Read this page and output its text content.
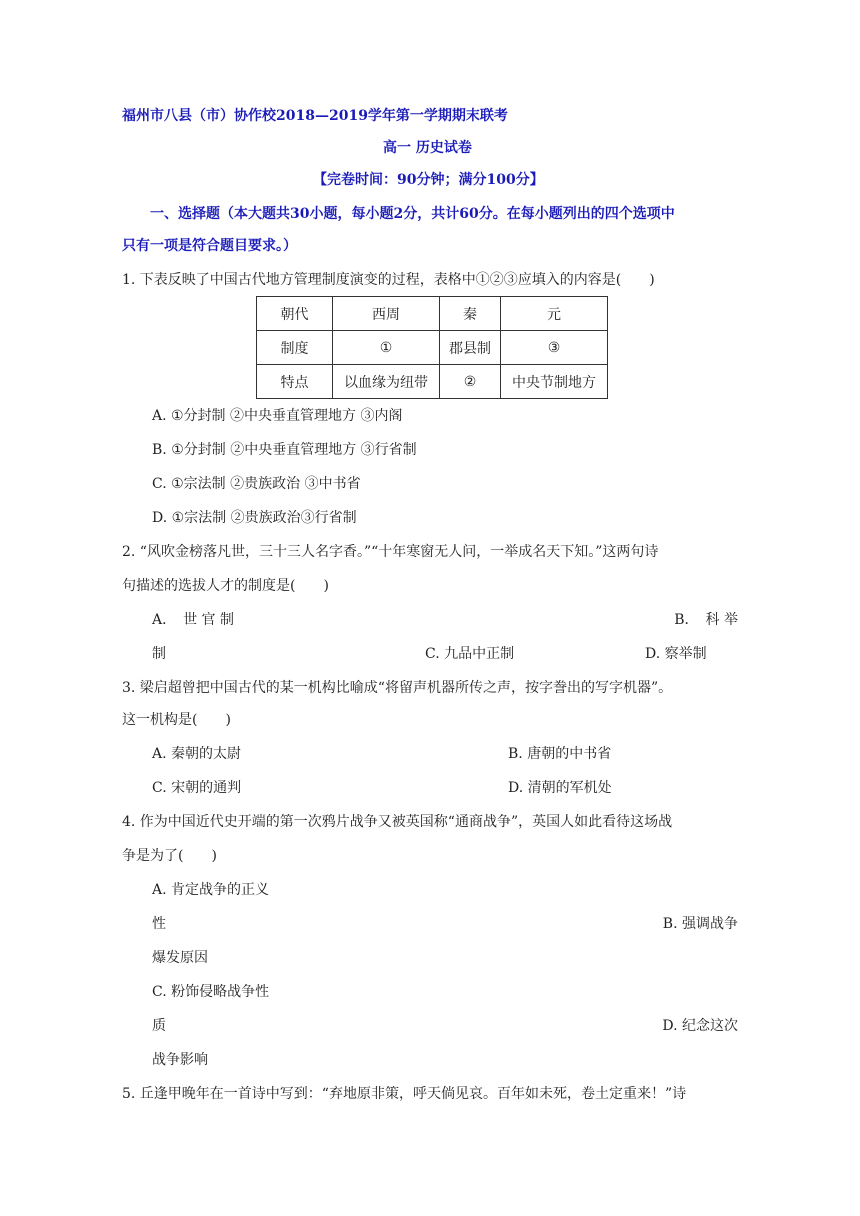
福州市八县（市）协作校2018—2019学年第一学期期末联考
高一 历史试卷
【完卷时间：90分钟；满分100分】
一、选择题（本大题共30小题，每小题2分，共计60分。在每小题列出的四个选项中
只有一项是符合题目要求。）
1. 下表反映了中国古代地方管理制度演变的过程，表格中①②③应填入的内容是(　　)
朝代	西周	秦	元
制度	①	郡县制	③
特点	以血缘为纽带	②	中央节制地方
A. ①分封制 ②中央垂直管理地方 ③内阁
B. ①分封制 ②中央垂直管理地方 ③行省制
C. ①宗法制 ②贵族政治 ③中书省
D. ①宗法制 ②贵族政治③行省制
2. “风吹金榜落凡世，三十三人名字香。”“十年寒窗无人问，一举成名天下知。”这两句诗
句描述的选拔人才的制度是(　　)
A．　世 官 制	B．　科 举
制	C. 九品中正制	D. 察举制
3. 梁启超曾把中国古代的某一机构比喻成“将留声机器所传之声，按字誊出的写字机器”。
这一机构是(　　)
A. 秦朝的太尉	B. 唐朝的中书省
C. 宋朝的通判	D. 清朝的军机处
4. 作为中国近代史开端的第一次鸦片战争又被英国称“通商战争”，英国人如此看待这场战
争是为了(　　)
A. 肯定战争的正义
性	B. 强调战争
爆发原因
C. 粉饰侵略战争性
质	D. 纪念这次
战争影响
5. 丘逢甲晚年在一首诗中写到：“弃地原非策，呼天倘见哀。百年如未死，卷土定重来！”诗
